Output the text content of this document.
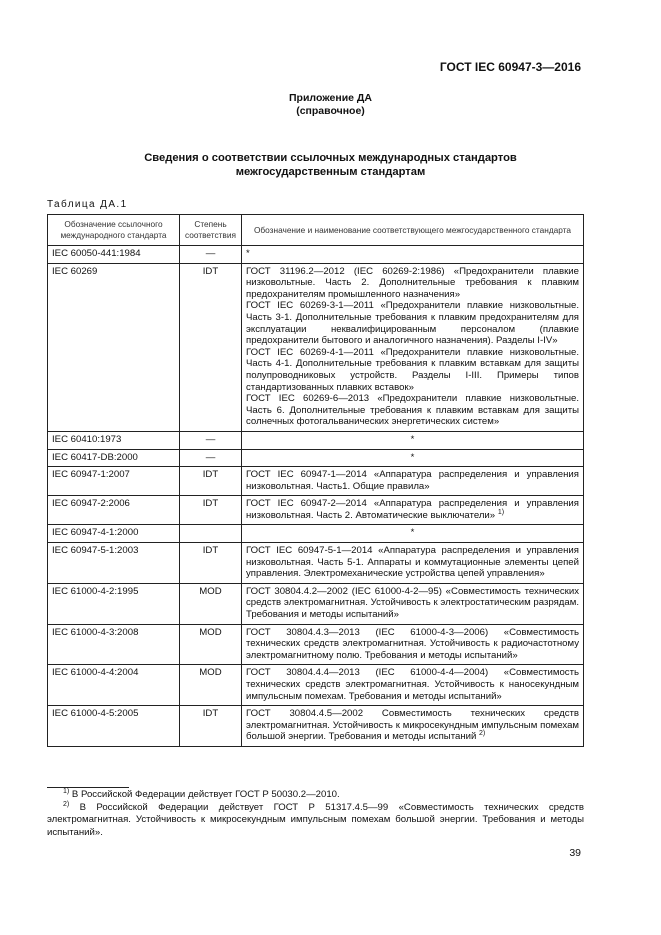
ГОСТ IEC 60947-3—2016
Приложение ДА
(справочное)
Сведения о соответствии ссылочных международных стандартов
межгосударственным стандартам
Таблица ДА.1
Обозначение ссылочного международного стандарта	Степень соответствия	Обозначение и наименование соответствующего межгосударственного стандарта
IEC 60050-441:1984	—	*
IEC 60269	IDT	ГОСТ 31196.2—2012 (IEC 60269-2:1986) «Предохранители плавкие низковольтные. Часть 2. Дополнительные требования к плавким предохранителям промышленного назначения»
ГОСТ IEC 60269-3-1—2011 «Предохранители плавкие низковольтные. Часть 3-1. Дополнительные требования к плавким предохранителям для эксплуатации неквалифицированным персоналом (плавкие предохранители бытового и аналогичного назначения). Разделы I-IV»
ГОСТ IEC 60269-4-1—2011 «Предохранители плавкие низковольтные. Часть 4-1. Дополнительные требования к плавким вставкам для защиты полупроводниковых устройств. Разделы I-III. Примеры типов стандартизованных плавких вставок»
ГОСТ IEC 60269-6—2013 «Предохранители плавкие низковольтные. Часть 6. Дополнительные требования к плавким вставкам для защиты солнечных фотогальванических энергетических систем»

IEC 60410:1973	—	*
IEC 60417-DB:2000	—	*
IEC 60947-1:2007	IDT	ГОСТ IEC 60947-1—2014 «Аппаратура распределения и управления низковольтная. Часть1. Общие правила»

IEC 60947-2:2006	IDT	ГОСТ IEC 60947-2—2014 «Аппаратура распределения и управления низковольтная. Часть 2. Автоматические выключатели» $^{1)}$

IEC 60947-4-1:2000		*
IEC 60947-5-1:2003	IDT	ГОСТ IEC 60947-5-1—2014 «Аппаратура распределения и управления низковольтная. Часть 5-1. Аппараты и коммутационные элементы цепей управления. Электромеханические устройства цепей управления»

IEC 61000-4-2:1995	MOD	ГОСТ 30804.4.2—2002 (IEC 61000-4-2—95) «Совместимость технических средств электромагнитная. Устойчивость к электростатическим разрядам. Требования и методы испытаний»

IEC 61000-4-3:2008	MOD	ГОСТ 30804.4.3—2013 (IEC 61000-4-3—2006) «Совместимость технических средств электромагнитная. Устойчивость к радиочастотному электромагнитному полю. Требования и методы испытаний»

IEC 61000-4-4:2004	MOD	ГОСТ 30804.4.4—2013 (IEC 61000-4-4—2004) «Совместимость технических средств электромагнитная. Устойчивость к наносекундным импульсным помехам. Требования и методы испытаний»

IEC 61000-4-5:2005	IDT	ГОСТ 30804.4.5—2002 Совместимость технических средств электромагнитная. Устойчивость к микросекундным импульсным помехам большой энергии. Требования и методы испытаний $^{2)}$
$^{1)}$ В Российской Федерации действует ГОСТ Р 50030.2—2010.
$^{2)}$ В Российской Федерации действует ГОСТ Р 51317.4.5—99 «Совместимость технических средств электромагнитная. Устойчивость к микросекундным импульсным помехам большой энергии. Требования и методы испытаний».
39
